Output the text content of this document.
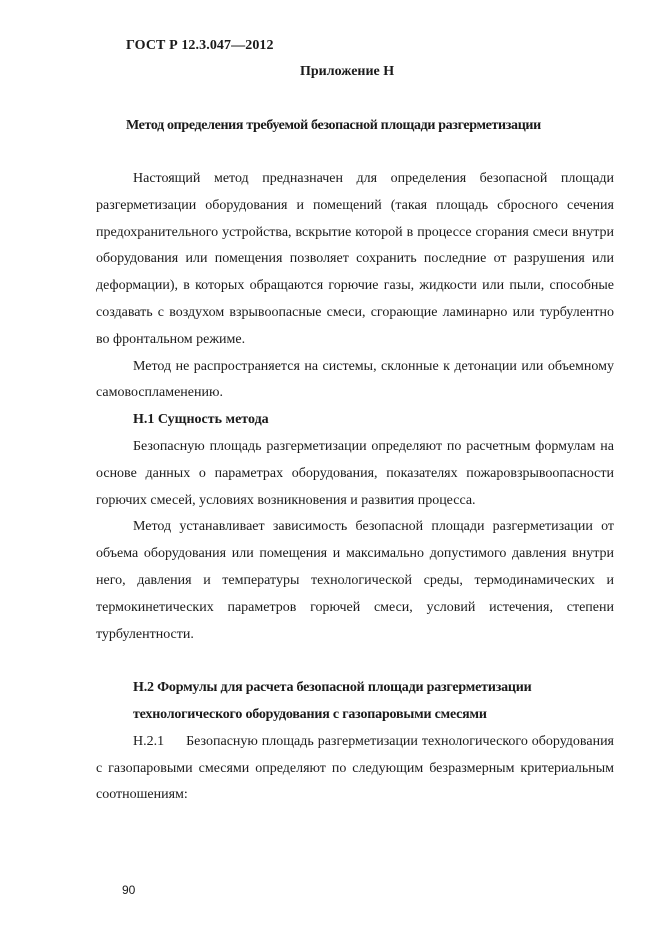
ГОСТ Р 12.3.047—2012
Приложение Н
Метод определения требуемой безопасной площади разгерметизации

Настоящий метод предназначен для определения безопасной площади разгерметизации оборудования и помещений (такая площадь сбросного сечения предохранительного устройства, вскрытие которой в процессе сгорания смеси внутри оборудования или помещения позволяет сохранить последние от разрушения или деформации), в которых обращаются горючие газы, жидкости или пыли, способные создавать с воздухом взрывоопасные смеси, сгорающие ламинарно или турбулентно во фронтальном режиме.

Метод не распространяется на системы, склонные к детонации или объемному самовоспламенению.

Н.1 Сущность метода

Безопасную площадь разгерметизации определяют по расчетным формулам на основе данных о параметрах оборудования, показателях пожаровзрывоопасности горючих смесей, условиях возникновения и развития процесса.

Метод устанавливает зависимость безопасной площади разгерметизации от объема оборудования или помещения и максимально допустимого давления внутри него, давления и температуры технологической среды, термодинамических и термокинетических параметров горючей смеси, условий истечения, степени турбулентности.

Н.2 Формулы для расчета безопасной площади разгерметизации технологического оборудования с газопаровыми смесями

Н.2.1 Безопасную площадь разгерметизации технологического оборудования с газопаровыми смесями определяют по следующим безразмерным критериальным соотношениям:

90
